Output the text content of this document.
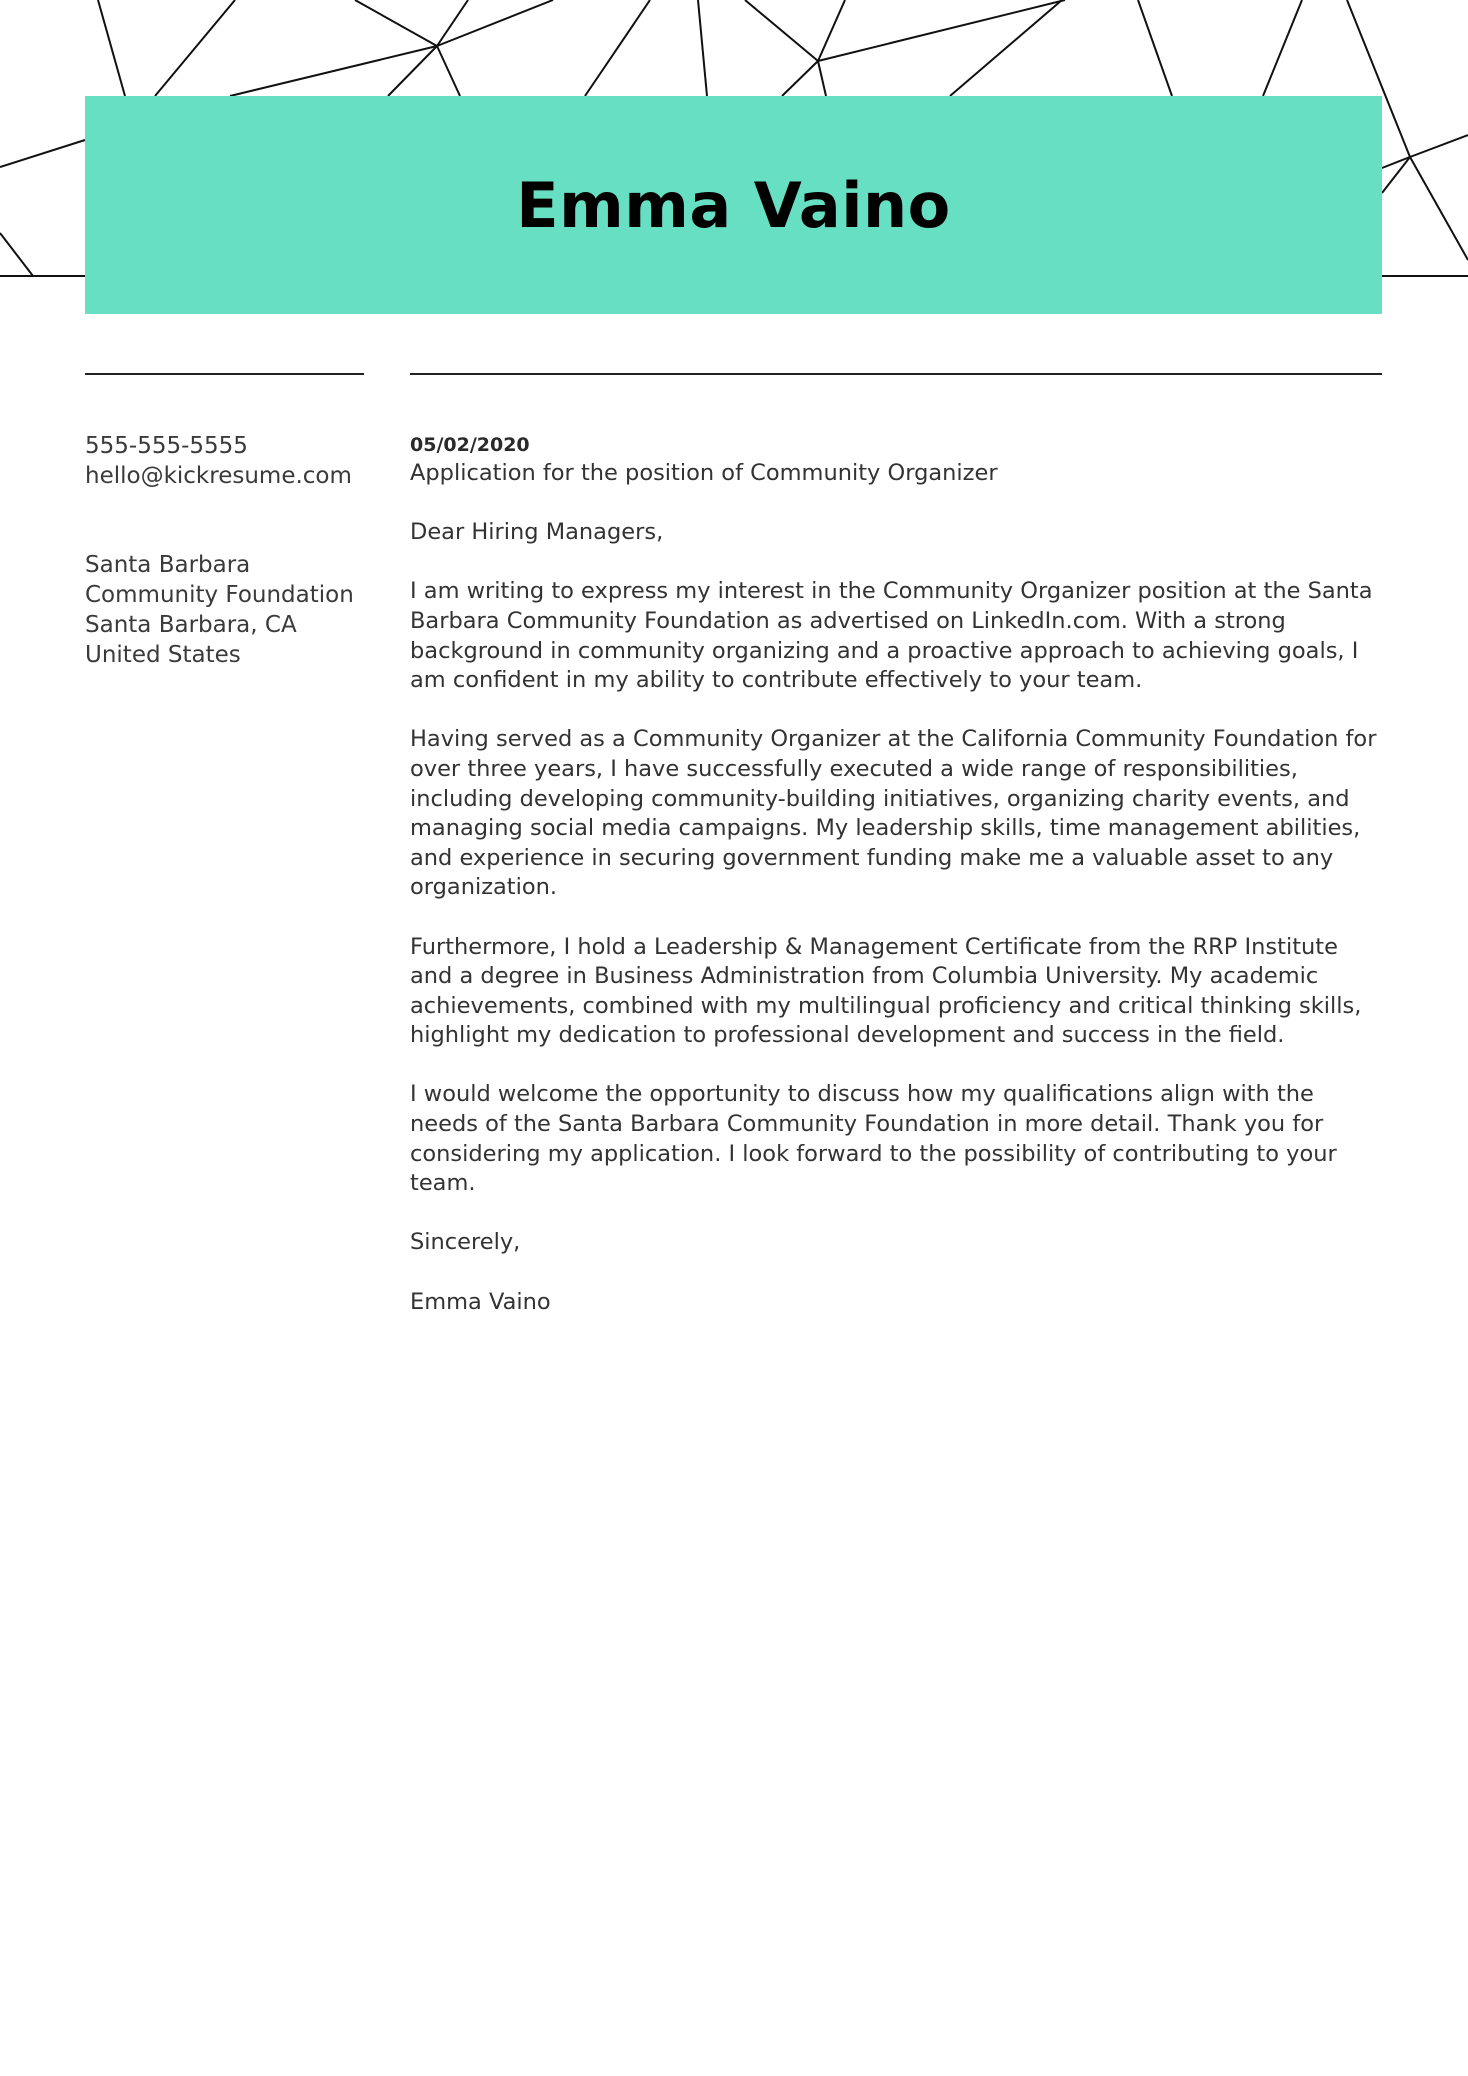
Emma Vaino
555-555-5555
hello@kickresume.com
Santa Barbara
Community Foundation
Santa Barbara, CA
United States
05/02/2020
Application for the position of Community Organizer

Dear Hiring Managers,

I am writing to express my interest in the Community Organizer position at the Santa Barbara Community Foundation as advertised on LinkedIn.com. With a strong background in community organizing and a proactive approach to achieving goals, I am confident in my ability to contribute effectively to your team.

Having served as a Community Organizer at the California Community Foundation for over three years, I have successfully executed a wide range of responsibilities, including developing community-building initiatives, organizing charity events, and managing social media campaigns. My leadership skills, time management abilities, and experience in securing government funding make me a valuable asset to any organization.

Furthermore, I hold a Leadership & Management Certificate from the RRP Institute and a degree in Business Administration from Columbia University. My academic achievements, combined with my multilingual proficiency and critical thinking skills, highlight my dedication to professional development and success in the field.

I would welcome the opportunity to discuss how my qualifications align with the needs of the Santa Barbara Community Foundation in more detail. Thank you for considering my application. I look forward to the possibility of contributing to your team.

Sincerely,

Emma Vaino
